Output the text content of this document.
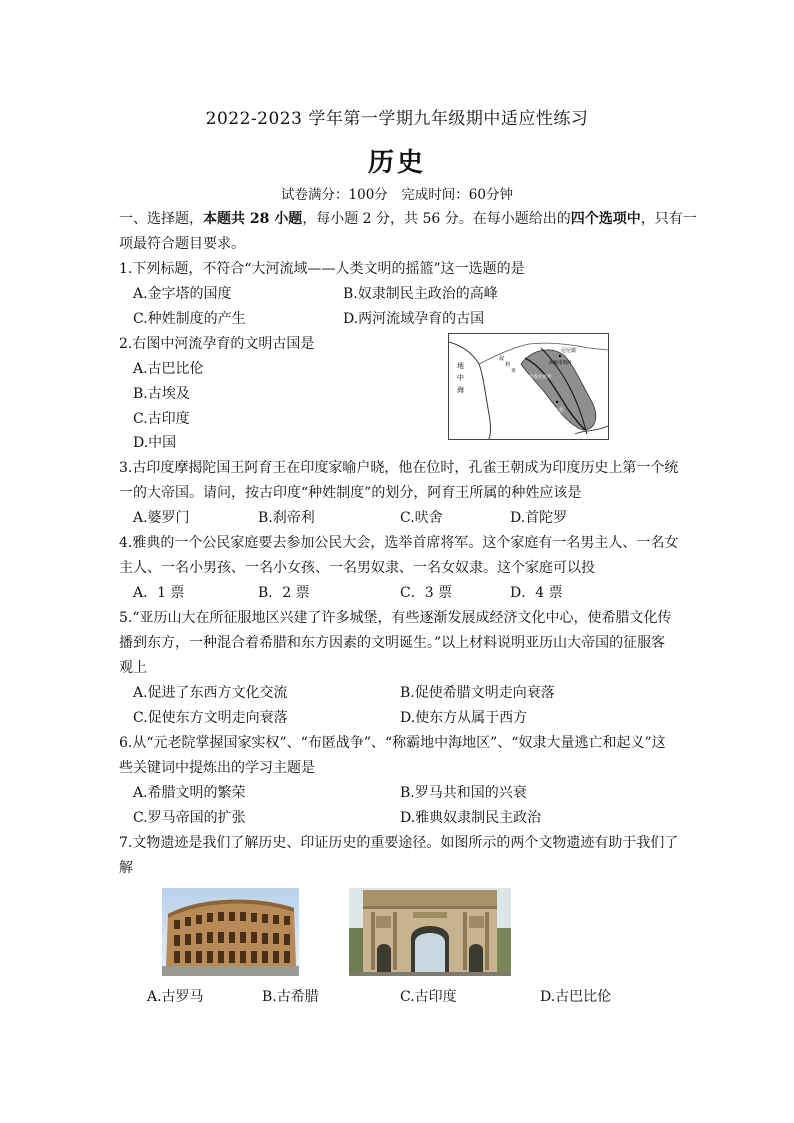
2022-2023 学年第一学期九年级期中适应性练习
历史
试卷满分：100分　完成时间：60分钟
一、选择题，本题共 28 小题，每小题 2 分，共 56 分。在每小题给出的四个选项中，只有一
项最符合题目要求。
1.下列标题，不符合“大河流域——人类文明的摇篮”这一选题的是
A.金字塔的国度	B.奴隶制民主政治的高峰
C.种姓制度的产生	D.两河流域孕育的古国
2.右图中河流孕育的文明古国是
A.古巴比伦
B.古埃及
C.古印度
D.中国
地
中
海
叙
利
亚
幼发拉底河
底格里斯河
巴比伦
尼尼微
3.古印度摩揭陀国王阿育王在印度家喻户晓，他在位时，孔雀王朝成为印度历史上第一个统
一的大帝国。请问，按古印度“种姓制度”的划分，阿育王所属的种姓应该是
A.婆罗门	B.刹帝利	C.吠舍	D.首陀罗
4.雅典的一个公民家庭要去参加公民大会，选举首席将军。这个家庭有一名男主人、一名女
主人、一名小男孩、一名小女孩、一名男奴隶、一名女奴隶。这个家庭可以投
A．1 票	B．2 票	C．3 票	D．4 票
5.“亚历山大在所征服地区兴建了许多城堡，有些逐渐发展成经济文化中心，使希腊文化传
播到东方，一种混合着希腊和东方因素的文明诞生。”以上材料说明亚历山大帝国的征服客
观上
A.促进了东西方文化交流	B.促使希腊文明走向衰落
C.促使东方文明走向衰落	D.使东方从属于西方
6.从“元老院掌握国家实权”、“布匿战争”、“称霸地中海地区”、“奴隶大量逃亡和起义”这
些关键词中提炼出的学习主题是
A.希腊文明的繁荣	B.罗马共和国的兴衰
C.罗马帝国的扩张	D.雅典奴隶制民主政治
7.文物遗迹是我们了解历史、印证历史的重要途径。如图所示的两个文物遗迹有助于我们了
解
A.古罗马	B.古希腊	C.古印度	D.古巴比伦
